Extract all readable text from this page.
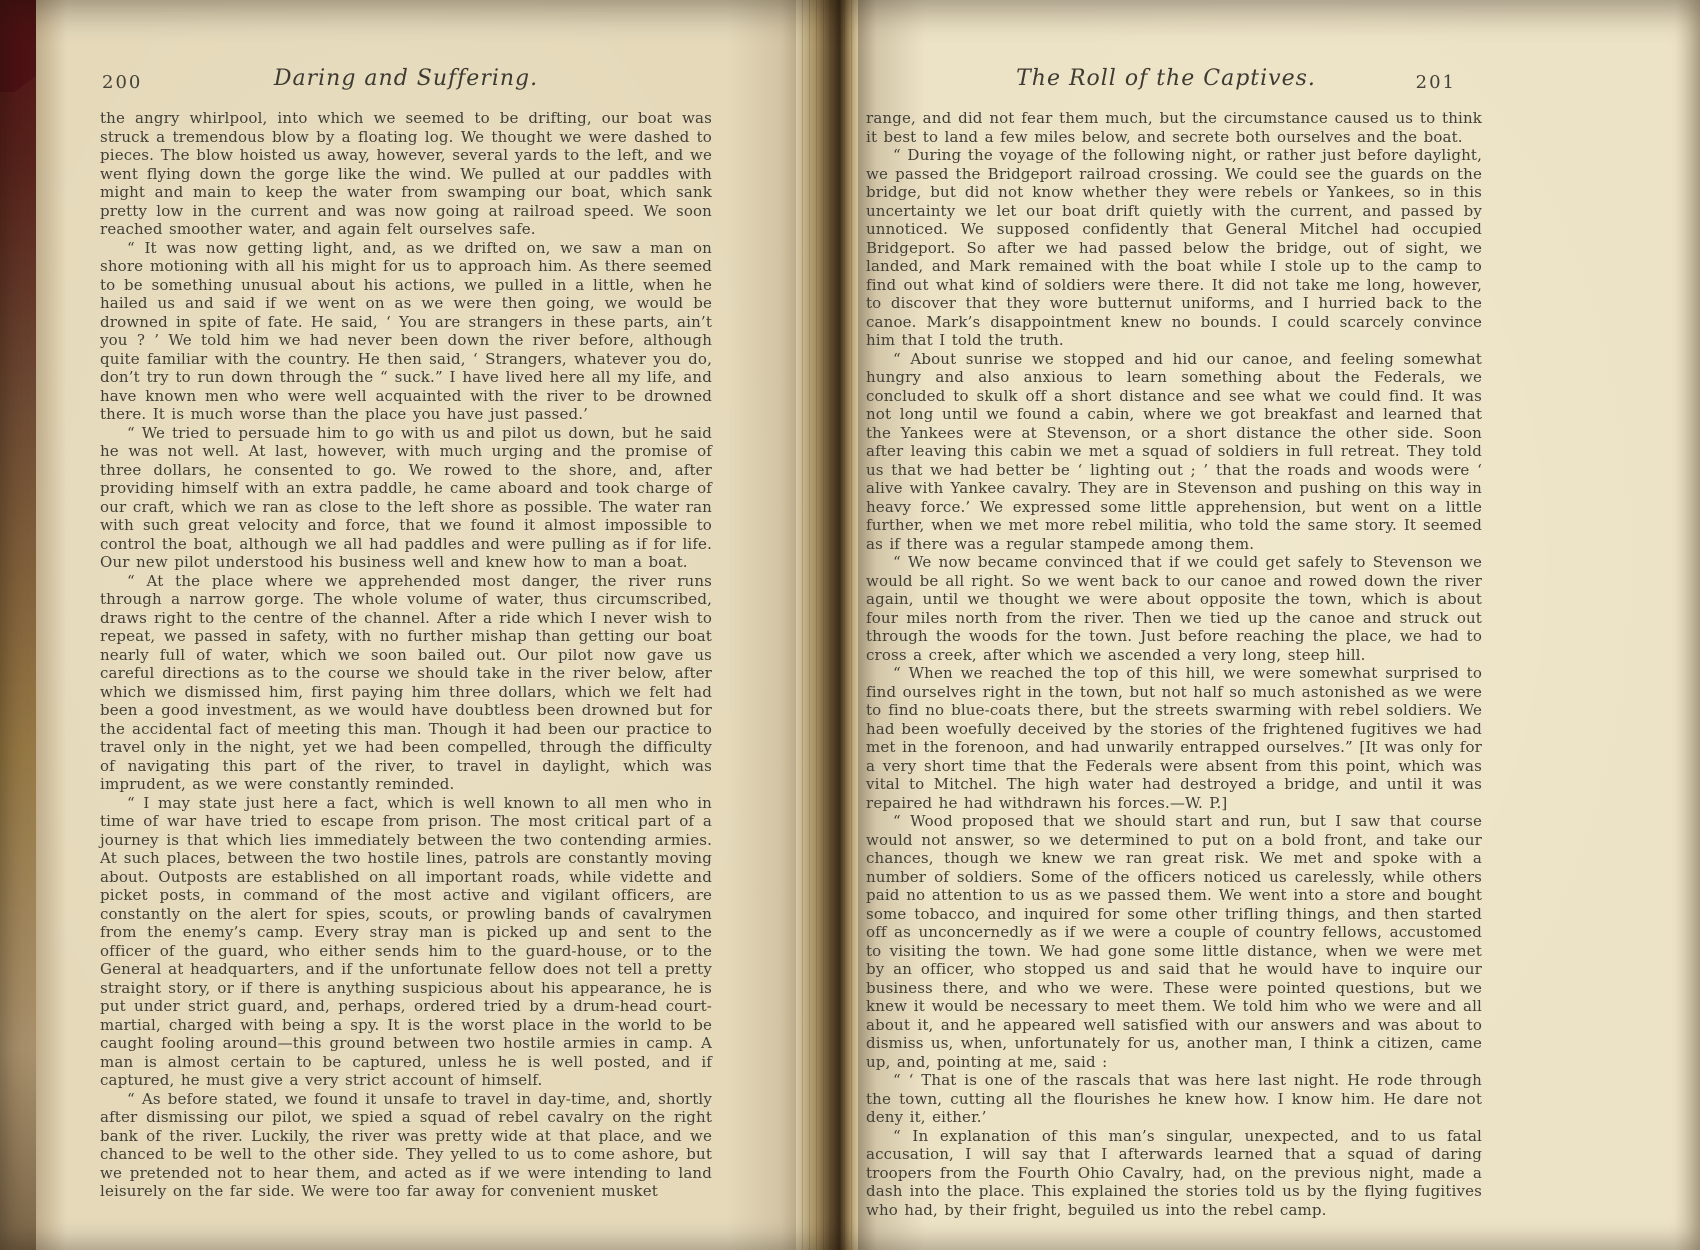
200	Daring and Suffering.	The Roll of the Captives.	201

the angry whirlpool, into which we seemed to be drifting, our boat was struck a tremendous blow by a floating log. We thought we were dashed to pieces. The blow hoisted us away, however, several yards to the left, and we went flying down the gorge like the wind. We pulled at our paddles with might and main to keep the water from swamping our boat, which sank pretty low in the current and was now going at railroad speed. We soon reached smoother water, and again felt ourselves safe.

“ It was now getting light, and, as we drifted on, we saw a man on shore motioning with all his might for us to approach him. As there seemed to be something unusual about his actions, we pulled in a little, when he hailed us and said if we went on as we were then going, we would be drowned in spite of fate. He said, ‘ You are strangers in these parts, ain’t you ? ’ We told him we had never been down the river before, although quite familiar with the country. He then said, ‘ Strangers, whatever you do, don’t try to run down through the “ suck.” I have lived here all my life, and have known men who were well acquainted with the river to be drowned there. It is much worse than the place you have just passed.’

“ We tried to persuade him to go with us and pilot us down, but he said he was not well. At last, however, with much urging and the promise of three dollars, he consented to go. We rowed to the shore, and, after providing himself with an extra paddle, he came aboard and took charge of our craft, which we ran as close to the left shore as possible. The water ran with such great velocity and force, that we found it almost impossible to control the boat, although we all had paddles and were pulling as if for life. Our new pilot understood his business well and knew how to man a boat.

“ At the place where we apprehended most danger, the river runs through a narrow gorge. The whole volume of water, thus circumscribed, draws right to the centre of the channel. After a ride which I never wish to repeat, we passed in safety, with no further mishap than getting our boat nearly full of water, which we soon bailed out. Our pilot now gave us careful directions as to the course we should take in the river below, after which we dismissed him, first paying him three dollars, which we felt had been a good investment, as we would have doubtless been drowned but for the accidental fact of meeting this man. Though it had been our practice to travel only in the night, yet we had been compelled, through the difficulty of navigating this part of the river, to travel in daylight, which was imprudent, as we were constantly reminded.

“ I may state just here a fact, which is well known to all men who in time of war have tried to escape from prison. The most critical part of a journey is that which lies immediately between the two contending armies. At such places, between the two hostile lines, patrols are constantly moving about. Outposts are established on all important roads, while vidette and picket posts, in command of the most active and vigilant officers, are constantly on the alert for spies, scouts, or prowling bands of cavalrymen from the enemy’s camp. Every stray man is picked up and sent to the officer of the guard, who either sends him to the guard-house, or to the General at headquarters, and if the unfortunate fellow does not tell a pretty straight story, or if there is anything suspicious about his appearance, he is put under strict guard, and, perhaps, ordered tried by a drum-head court-martial, charged with being a spy. It is the worst place in the world to be caught fooling around—this ground between two hostile armies in camp. A man is almost certain to be captured, unless he is well posted, and if captured, he must give a very strict account of himself.

“ As before stated, we found it unsafe to travel in day-time, and, shortly after dismissing our pilot, we spied a squad of rebel cavalry on the right bank of the river. Luckily, the river was pretty wide at that place, and we chanced to be well to the other side. They yelled to us to come ashore, but we pretended not to hear them, and acted as if we were intending to land leisurely on the far side. We were too far away for convenient musket

range, and did not fear them much, but the circumstance caused us to think it best to land a few miles below, and secrete both ourselves and the boat.

“ During the voyage of the following night, or rather just before daylight, we passed the Bridgeport railroad crossing. We could see the guards on the bridge, but did not know whether they were rebels or Yankees, so in this uncertainty we let our boat drift quietly with the current, and passed by unnoticed. We supposed confidently that General Mitchel had occupied Bridgeport. So after we had passed below the bridge, out of sight, we landed, and Mark remained with the boat while I stole up to the camp to find out what kind of soldiers were there. It did not take me long, however, to discover that they wore butternut uniforms, and I hurried back to the canoe. Mark’s disappointment knew no bounds. I could scarcely convince him that I told the truth.

“ About sunrise we stopped and hid our canoe, and feeling somewhat hungry and also anxious to learn something about the Federals, we concluded to skulk off a short distance and see what we could find. It was not long until we found a cabin, where we got breakfast and learned that the Yankees were at Stevenson, or a short distance the other side. Soon after leaving this cabin we met a squad of soldiers in full retreat. They told us that we had better be ‘ lighting out ; ’ that the roads and woods were ‘ alive with Yankee cavalry. They are in Stevenson and pushing on this way in heavy force.’ We expressed some little apprehension, but went on a little further, when we met more rebel militia, who told the same story. It seemed as if there was a regular stampede among them.

“ We now became convinced that if we could get safely to Stevenson we would be all right. So we went back to our canoe and rowed down the river again, until we thought we were about opposite the town, which is about four miles north from the river. Then we tied up the canoe and struck out through the woods for the town. Just before reaching the place, we had to cross a creek, after which we ascended a very long, steep hill.

“ When we reached the top of this hill, we were somewhat surprised to find ourselves right in the town, but not half so much astonished as we were to find no blue-coats there, but the streets swarming with rebel soldiers. We had been woefully deceived by the stories of the frightened fugitives we had met in the forenoon, and had unwarily entrapped ourselves.” [It was only for a very short time that the Federals were absent from this point, which was vital to Mitchel. The high water had destroyed a bridge, and until it was repaired he had withdrawn his forces.—W. P.]

“ Wood proposed that we should start and run, but I saw that course would not answer, so we determined to put on a bold front, and take our chances, though we knew we ran great risk. We met and spoke with a number of soldiers. Some of the officers noticed us carelessly, while others paid no attention to us as we passed them. We went into a store and bought some tobacco, and inquired for some other trifling things, and then started off as unconcernedly as if we were a couple of country fellows, accustomed to visiting the town. We had gone some little distance, when we were met by an officer, who stopped us and said that he would have to inquire our business there, and who we were. These were pointed questions, but we knew it would be necessary to meet them. We told him who we were and all about it, and he appeared well satisfied with our answers and was about to dismiss us, when, unfortunately for us, another man, I think a citizen, came up, and, pointing at me, said :

“ ‘ That is one of the rascals that was here last night. He rode through the town, cutting all the flourishes he knew how. I know him. He dare not deny it, either.’

“ In explanation of this man’s singular, unexpected, and to us fatal accusation, I will say that I afterwards learned that a squad of daring troopers from the Fourth Ohio Cavalry, had, on the previous night, made a dash into the place. This explained the stories told us by the flying fugitives who had, by their fright, beguiled us into the rebel camp.
